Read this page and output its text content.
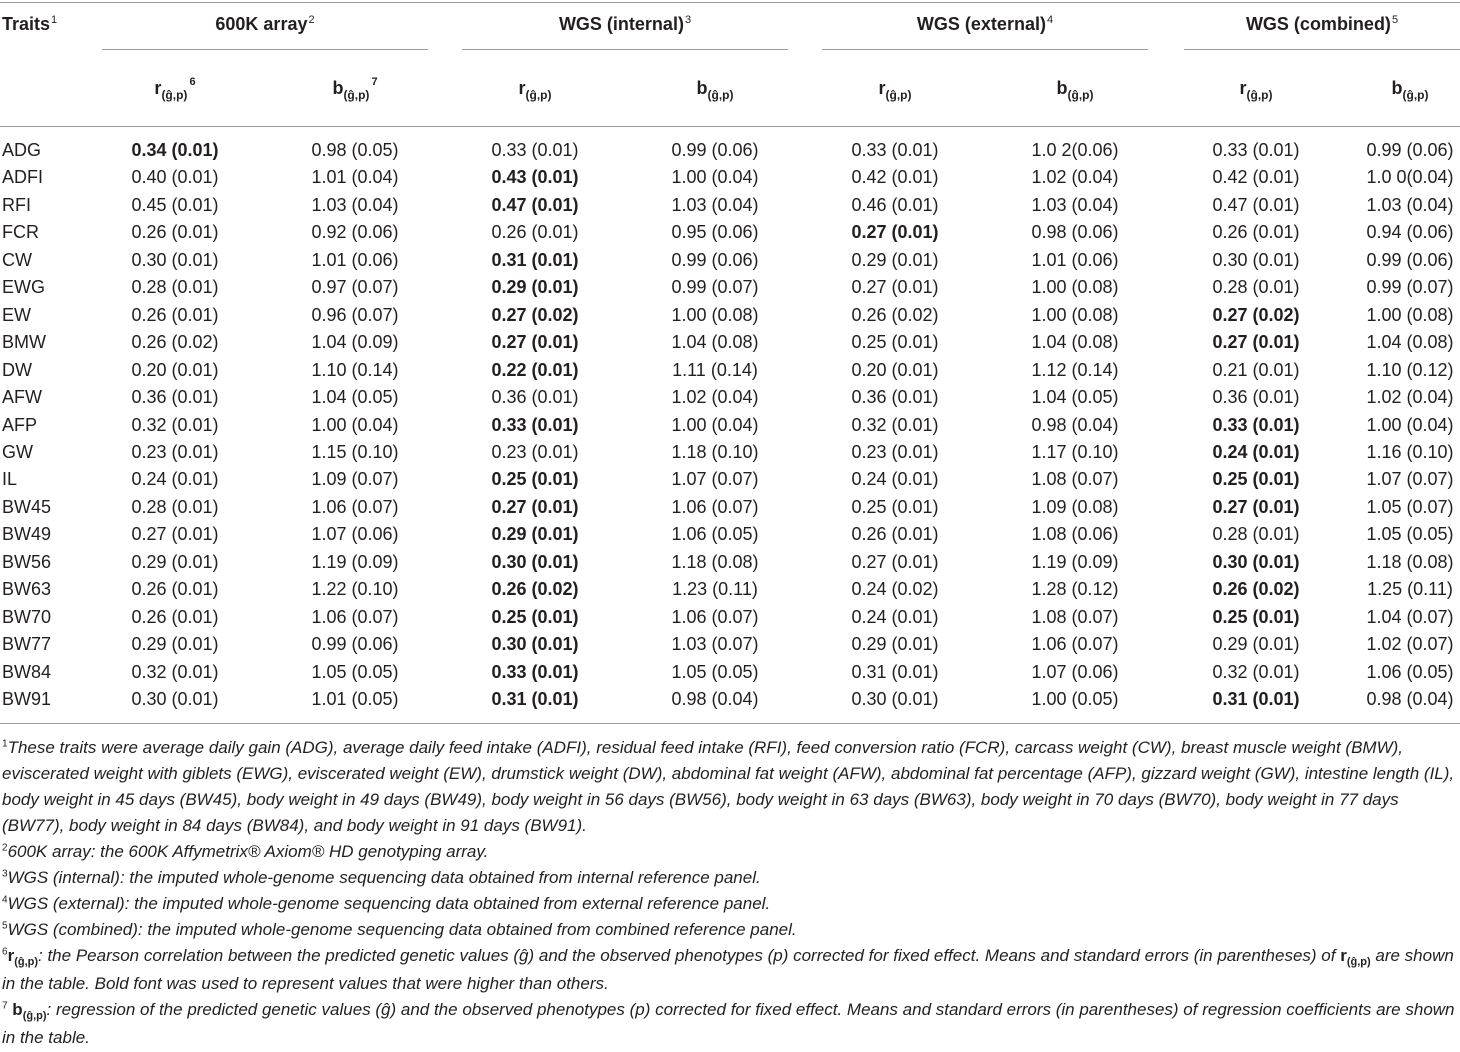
Traits$^1$	600K array$^2$	WGS (internal)$^3$	WGS (external)$^4$	WGS (combined)$^5$
$r_{(ĝ,p)}^6$	$b_{(ĝ,p)}^7$	$r_{(ĝ,p)}$	$b_{(ĝ,p)}$	$r_{(ĝ,p)}$	$b_{(ĝ,p)}$	$r_{(ĝ,p)}$	$b_{(ĝ,p)}$
ADG	0.34 (0.01)	0.98 (0.05)	0.33 (0.01)	0.99 (0.06)	0.33 (0.01)	1.0 2(0.06)	0.33 (0.01)	0.99 (0.06)
ADFI	0.40 (0.01)	1.01 (0.04)	0.43 (0.01)	1.00 (0.04)	0.42 (0.01)	1.02 (0.04)	0.42 (0.01)	1.0 0(0.04)
RFI	0.45 (0.01)	1.03 (0.04)	0.47 (0.01)	1.03 (0.04)	0.46 (0.01)	1.03 (0.04)	0.47 (0.01)	1.03 (0.04)
FCR	0.26 (0.01)	0.92 (0.06)	0.26 (0.01)	0.95 (0.06)	0.27 (0.01)	0.98 (0.06)	0.26 (0.01)	0.94 (0.06)
CW	0.30 (0.01)	1.01 (0.06)	0.31 (0.01)	0.99 (0.06)	0.29 (0.01)	1.01 (0.06)	0.30 (0.01)	0.99 (0.06)
EWG	0.28 (0.01)	0.97 (0.07)	0.29 (0.01)	0.99 (0.07)	0.27 (0.01)	1.00 (0.08)	0.28 (0.01)	0.99 (0.07)
EW	0.26 (0.01)	0.96 (0.07)	0.27 (0.02)	1.00 (0.08)	0.26 (0.02)	1.00 (0.08)	0.27 (0.02)	1.00 (0.08)
BMW	0.26 (0.02)	1.04 (0.09)	0.27 (0.01)	1.04 (0.08)	0.25 (0.01)	1.04 (0.08)	0.27 (0.01)	1.04 (0.08)
DW	0.20 (0.01)	1.10 (0.14)	0.22 (0.01)	1.11 (0.14)	0.20 (0.01)	1.12 (0.14)	0.21 (0.01)	1.10 (0.12)
AFW	0.36 (0.01)	1.04 (0.05)	0.36 (0.01)	1.02 (0.04)	0.36 (0.01)	1.04 (0.05)	0.36 (0.01)	1.02 (0.04)
AFP	0.32 (0.01)	1.00 (0.04)	0.33 (0.01)	1.00 (0.04)	0.32 (0.01)	0.98 (0.04)	0.33 (0.01)	1.00 (0.04)
GW	0.23 (0.01)	1.15 (0.10)	0.23 (0.01)	1.18 (0.10)	0.23 (0.01)	1.17 (0.10)	0.24 (0.01)	1.16 (0.10)
IL	0.24 (0.01)	1.09 (0.07)	0.25 (0.01)	1.07 (0.07)	0.24 (0.01)	1.08 (0.07)	0.25 (0.01)	1.07 (0.07)
BW45	0.28 (0.01)	1.06 (0.07)	0.27 (0.01)	1.06 (0.07)	0.25 (0.01)	1.09 (0.08)	0.27 (0.01)	1.05 (0.07)
BW49	0.27 (0.01)	1.07 (0.06)	0.29 (0.01)	1.06 (0.05)	0.26 (0.01)	1.08 (0.06)	0.28 (0.01)	1.05 (0.05)
BW56	0.29 (0.01)	1.19 (0.09)	0.30 (0.01)	1.18 (0.08)	0.27 (0.01)	1.19 (0.09)	0.30 (0.01)	1.18 (0.08)
BW63	0.26 (0.01)	1.22 (0.10)	0.26 (0.02)	1.23 (0.11)	0.24 (0.02)	1.28 (0.12)	0.26 (0.02)	1.25 (0.11)
BW70	0.26 (0.01)	1.06 (0.07)	0.25 (0.01)	1.06 (0.07)	0.24 (0.01)	1.08 (0.07)	0.25 (0.01)	1.04 (0.07)
BW77	0.29 (0.01)	0.99 (0.06)	0.30 (0.01)	1.03 (0.07)	0.29 (0.01)	1.06 (0.07)	0.29 (0.01)	1.02 (0.07)
BW84	0.32 (0.01)	1.05 (0.05)	0.33 (0.01)	1.05 (0.05)	0.31 (0.01)	1.07 (0.06)	0.32 (0.01)	1.06 (0.05)
BW91	0.30 (0.01)	1.01 (0.05)	0.31 (0.01)	0.98 (0.04)	0.30 (0.01)	1.00 (0.05)	0.31 (0.01)	0.98 (0.04)

$^1$These traits were average daily gain (ADG), average daily feed intake (ADFI), residual feed intake (RFI), feed conversion ratio (FCR), carcass weight (CW), breast muscle weight (BMW), eviscerated weight with giblets (EWG), eviscerated weight (EW), drumstick weight (DW), abdominal fat weight (AFW), abdominal fat percentage (AFP), gizzard weight (GW), intestine length (IL), body weight in 45 days (BW45), body weight in 49 days (BW49), body weight in 56 days (BW56), body weight in 63 days (BW63), body weight in 70 days (BW70), body weight in 77 days (BW77), body weight in 84 days (BW84), and body weight in 91 days (BW91).

$^2$600K array: the 600K Affymetrix® Axiom® HD genotyping array.

$^3$WGS (internal): the imputed whole-genome sequencing data obtained from internal reference panel.

$^4$WGS (external): the imputed whole-genome sequencing data obtained from external reference panel.

$^5$WGS (combined): the imputed whole-genome sequencing data obtained from combined reference panel.

$^6r_{(ĝ,p)}$: the Pearson correlation between the predicted genetic values (ĝ) and the observed phenotypes (p) corrected for fixed effect. Means and standard errors (in parentheses) of $r_{(ĝ,p)}$ are shown in the table. Bold font was used to represent values that were higher than others.

$^7$ $b_{(ĝ,p)}$: regression of the predicted genetic values (ĝ) and the observed phenotypes (p) corrected for fixed effect. Means and standard errors (in parentheses) of regression coefficients are shown in the table.
